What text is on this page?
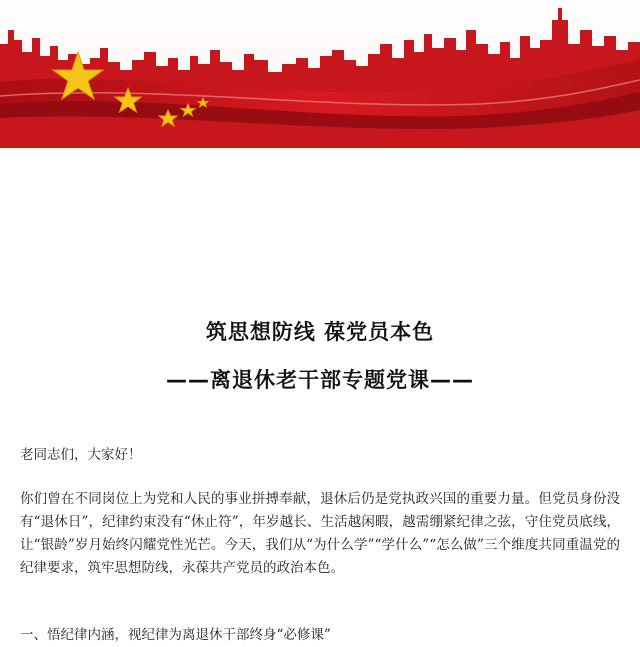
筑思想防线 葆党员本色
——离退休老干部专题党课——

老同志们，大家好！

你们曾在不同岗位上为党和人民的事业拼搏奉献，退休后仍是党执政兴国的重要力量。但党员身份没有“退休日”，纪律约束没有“休止符”，年岁越长、生活越闲暇，越需绷紧纪律之弦，守住党员底线，让“银龄”岁月始终闪耀党性光芒。今天，我们从“为什么学”“学什么”“怎么做”三个维度共同重温党的纪律要求，筑牢思想防线，永葆共产党员的政治本色。

一、悟纪律内涵，视纪律为离退休干部终身“必修课”
